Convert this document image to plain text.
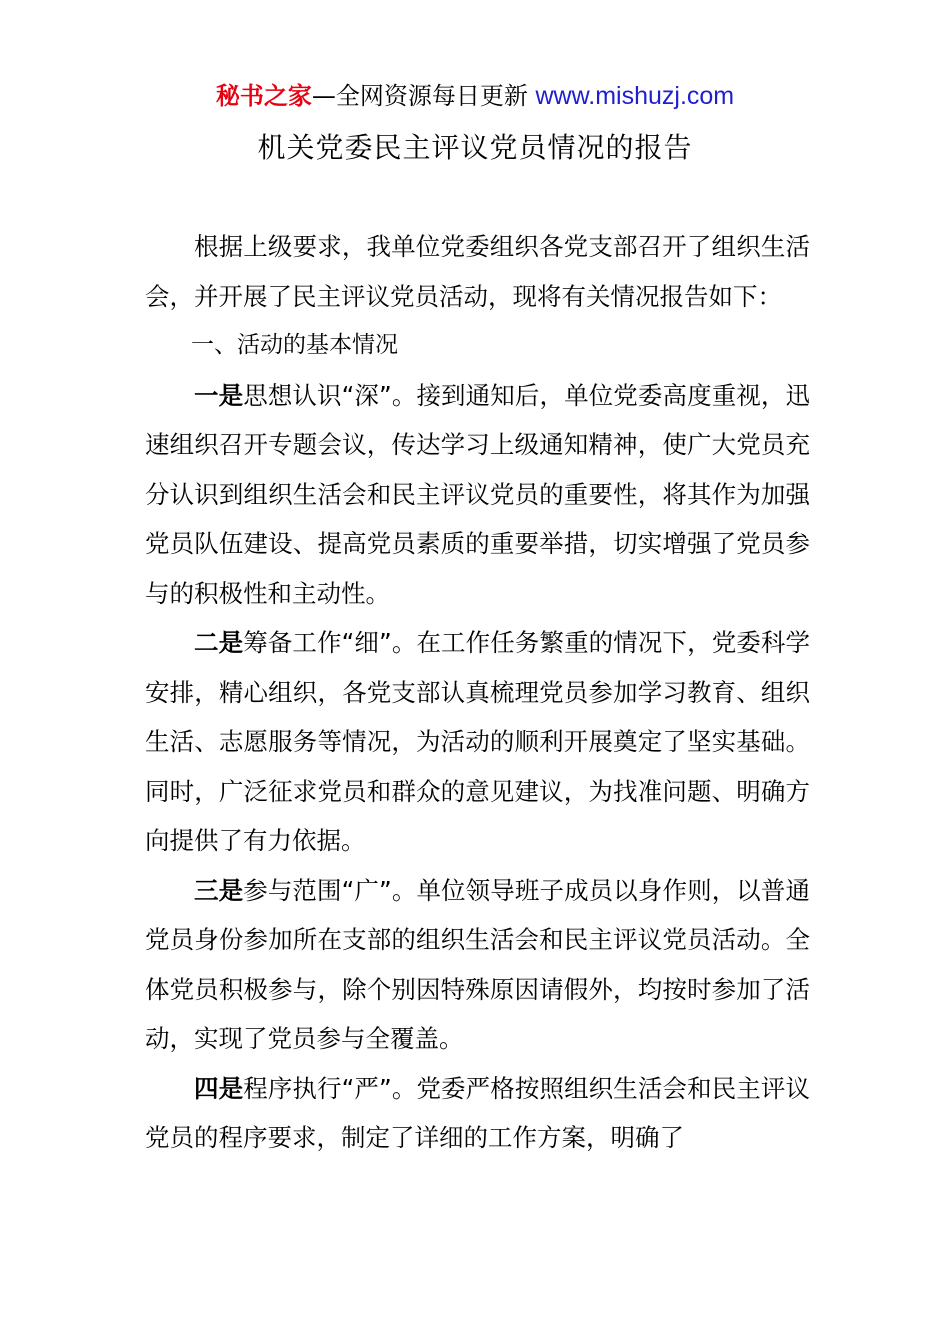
秘书之家—全网资源每日更新 www.mishuzj.com
机关党委民主评议党员情况的报告

根据上级要求，我单位党委组织各党支部召开了组织生活会，并开展了民主评议党员活动，现将有关情况报告如下：

一、活动的基本情况

一是思想认识“深”。接到通知后，单位党委高度重视，迅速组织召开专题会议，传达学习上级通知精神，使广大党员充分认识到组织生活会和民主评议党员的重要性，将其作为加强党员队伍建设、提高党员素质的重要举措，切实增强了党员参与的积极性和主动性。

二是筹备工作“细”。在工作任务繁重的情况下，党委科学安排，精心组织，各党支部认真梳理党员参加学习教育、组织生活、志愿服务等情况，为活动的顺利开展奠定了坚实基础。同时，广泛征求党员和群众的意见建议，为找准问题、明确方向提供了有力依据。

三是参与范围“广”。单位领导班子成员以身作则，以普通党员身份参加所在支部的组织生活会和民主评议党员活动。全体党员积极参与，除个别因特殊原因请假外，均按时参加了活动，实现了党员参与全覆盖。

四是程序执行“严”。党委严格按照组织生活会和民主评议党员的程序要求，制定了详细的工作方案，明确了
